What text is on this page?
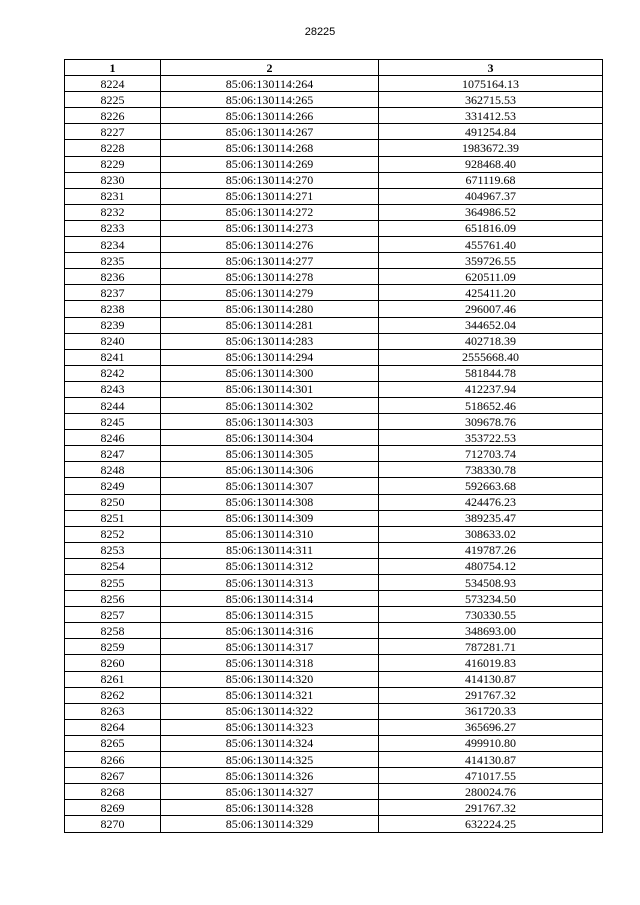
28225
1	2	3
8224	85:06:130114:264	1075164.13
8225	85:06:130114:265	362715.53
8226	85:06:130114:266	331412.53
8227	85:06:130114:267	491254.84
8228	85:06:130114:268	1983672.39
8229	85:06:130114:269	928468.40
8230	85:06:130114:270	671119.68
8231	85:06:130114:271	404967.37
8232	85:06:130114:272	364986.52
8233	85:06:130114:273	651816.09
8234	85:06:130114:276	455761.40
8235	85:06:130114:277	359726.55
8236	85:06:130114:278	620511.09
8237	85:06:130114:279	425411.20
8238	85:06:130114:280	296007.46
8239	85:06:130114:281	344652.04
8240	85:06:130114:283	402718.39
8241	85:06:130114:294	2555668.40
8242	85:06:130114:300	581844.78
8243	85:06:130114:301	412237.94
8244	85:06:130114:302	518652.46
8245	85:06:130114:303	309678.76
8246	85:06:130114:304	353722.53
8247	85:06:130114:305	712703.74
8248	85:06:130114:306	738330.78
8249	85:06:130114:307	592663.68
8250	85:06:130114:308	424476.23
8251	85:06:130114:309	389235.47
8252	85:06:130114:310	308633.02
8253	85:06:130114:311	419787.26
8254	85:06:130114:312	480754.12
8255	85:06:130114:313	534508.93
8256	85:06:130114:314	573234.50
8257	85:06:130114:315	730330.55
8258	85:06:130114:316	348693.00
8259	85:06:130114:317	787281.71
8260	85:06:130114:318	416019.83
8261	85:06:130114:320	414130.87
8262	85:06:130114:321	291767.32
8263	85:06:130114:322	361720.33
8264	85:06:130114:323	365696.27
8265	85:06:130114:324	499910.80
8266	85:06:130114:325	414130.87
8267	85:06:130114:326	471017.55
8268	85:06:130114:327	280024.76
8269	85:06:130114:328	291767.32
8270	85:06:130114:329	632224.25
